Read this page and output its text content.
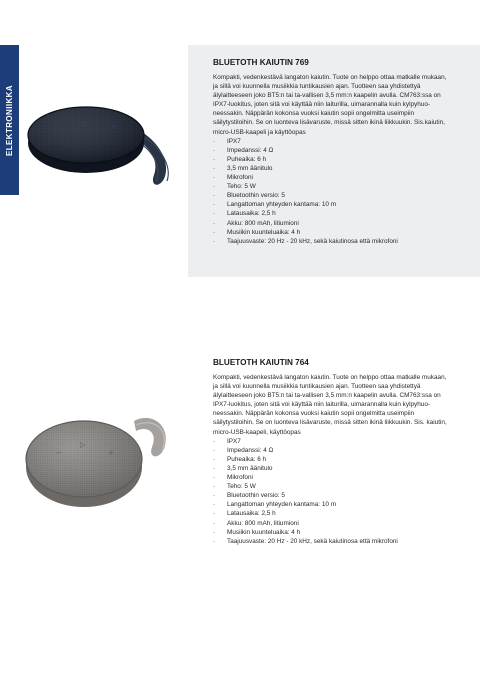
ELEKTRONIIKKA	−
▷
+
BLUETOTH KAIUTIN 769

Kompakti, vedenkestävä langaton kaiutin. Tuote on helppo ottaa matkalle mukaan, ja sillä voi kuunnella musiikkia tuntikausien ajan. Tuotteen saa yhdistettyä älylaitteeseen joko BT5:n tai ta-vallisen 3,5 mm:n kaapelin avulla. CM763:ssa on IPX7-luokitus, joten sitä voi käyttää niin laiturilla, uimarannalla kuin kylpyhuo-neessakin. Näppärän kokonsa vuoksi kaiutin sopii ongelmitta useimpiin säilytystiloihin. Se on luonteva lisävaruste, missä sitten ikinä liikkuukin. Sis.kaiutin, micro-USB-kaapeli ja käyttöopas

· IPX7
· Impedanssi: 4 Ω
· Puheaika: 6 h
· 3,5 mm äänitulo
· Mikrofoni
· Teho: 5 W
· Bluetoothin versio: 5
· Langattoman yhteyden kantama: 10 m
· Latausaika: 2,5 h
· Akku: 800 mAh, litiumioni
· Musiikin kuunteluaika: 4 h
· Taajuusvaste: 20 Hz - 20 kHz, sekä kaiutinosa että mikrofoni
−
▷
+
BLUETOTH KAIUTIN 764

Kompakti, vedenkestävä langaton kaiutin. Tuote on helppo ottaa matkalle mukaan, ja sillä voi kuunnella musiikkia tuntikausien ajan. Tuotteen saa yhdistettyä älylaitteeseen joko BT5:n tai ta-vallisen 3,5 mm:n kaapelin avulla. CM763:ssa on IPX7-luokitus, joten sitä voi käyttää niin laiturilla, uimarannalla kuin kylpyhuo-neessakin. Näppärän kokonsa vuoksi kaiutin sopii ongelmitta useimpiin säilytystiloihin. Se on luonteva lisävaruste, missä sitten ikinä liikkuukin. Sis. kaiutin, micro-USB-kaapeli, käyttöopas

· IPX7
· Impedanssi: 4 Ω
· Puheaika: 6 h
· 3,5 mm äänitulo
· Mikrofoni
· Teho: 5 W
· Bluetoothin versio: 5
· Langattoman yhteyden kantama: 10 m
· Latausaika: 2,5 h
· Akku: 800 mAh, litiumioni
· Musiikin kuunteluaika: 4 h
· Taajuusvaste: 20 Hz - 20 kHz, sekä kaiutinosa että mikrofoni
